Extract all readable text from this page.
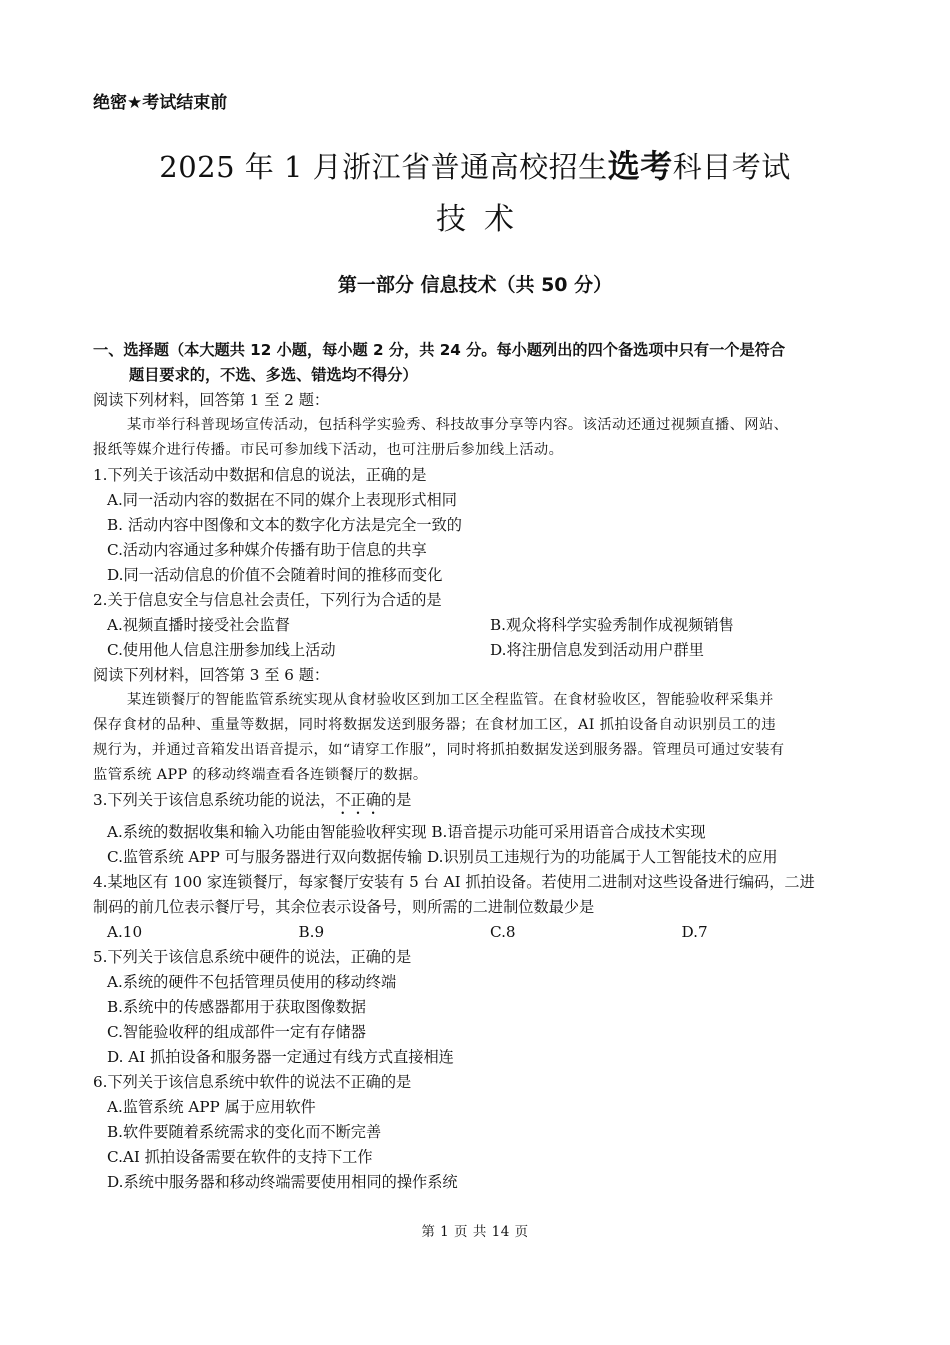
绝密★考试结束前
2025 年 1 月浙江省普通高校招生选考科目考试
技术
第一部分 信息技术（共 50 分）
一、选择题（本大题共 12 小题，每小题 2 分，共 24 分。每小题列出的四个备选项中只有一个是符合
题目要求的，不选、多选、错选均不得分）
阅读下列材料，回答第 1 至 2 题：
某市举行科普现场宣传活动，包括科学实验秀、科技故事分享等内容。该活动还通过视频直播、网站、
报纸等媒介进行传播。市民可参加线下活动，也可注册后参加线上活动。
1.下列关于该活动中数据和信息的说法，正确的是
A.同一活动内容的数据在不同的媒介上表现形式相同
B. 活动内容中图像和文本的数字化方法是完全一致的
C.活动内容通过多种媒介传播有助于信息的共享
D.同一活动信息的价值不会随着时间的推移而变化
2.关于信息安全与信息社会责任，下列行为合适的是
A.视频直播时接受社会监督	B.观众将科学实验秀制作成视频销售
C.使用他人信息注册参加线上活动	D.将注册信息发到活动用户群里
阅读下列材料，回答第 3 至 6 题：
某连锁餐厅的智能监管系统实现从食材验收区到加工区全程监管。在食材验收区，智能验收秤采集并
保存食材的品种、重量等数据，同时将数据发送到服务器；在食材加工区，AI 抓拍设备自动识别员工的违
规行为，并通过音箱发出语音提示，如“请穿工作服”，同时将抓拍数据发送到服务器。管理员可通过安装有
监管系统 APP 的移动终端查看各连锁餐厅的数据。
3.下列关于该信息系统功能的说法，不正确的是
A.系统的数据收集和输入功能由智能验收秤实现 B.语音提示功能可采用语音合成技术实现
C.监管系统 APP 可与服务器进行双向数据传输 D.识别员工违规行为的功能属于人工智能技术的应用
4.某地区有 100 家连锁餐厅，每家餐厅安装有 5 台 AI 抓拍设备。若使用二进制对这些设备进行编码，二进
制码的前几位表示餐厅号，其余位表示设备号，则所需的二进制位数最少是
A.10	B.9	C.8	D.7
5.下列关于该信息系统中硬件的说法，正确的是
A.系统的硬件不包括管理员使用的移动终端
B.系统中的传感器都用于获取图像数据
C.智能验收秤的组成部件一定有存储器
D. AI 抓拍设备和服务器一定通过有线方式直接相连
6.下列关于该信息系统中软件的说法不正确的是
A.监管系统 APP 属于应用软件
B.软件要随着系统需求的变化而不断完善
C.AI 抓拍设备需要在软件的支持下工作
D.系统中服务器和移动终端需要使用相同的操作系统
第 1 页 共 14 页
